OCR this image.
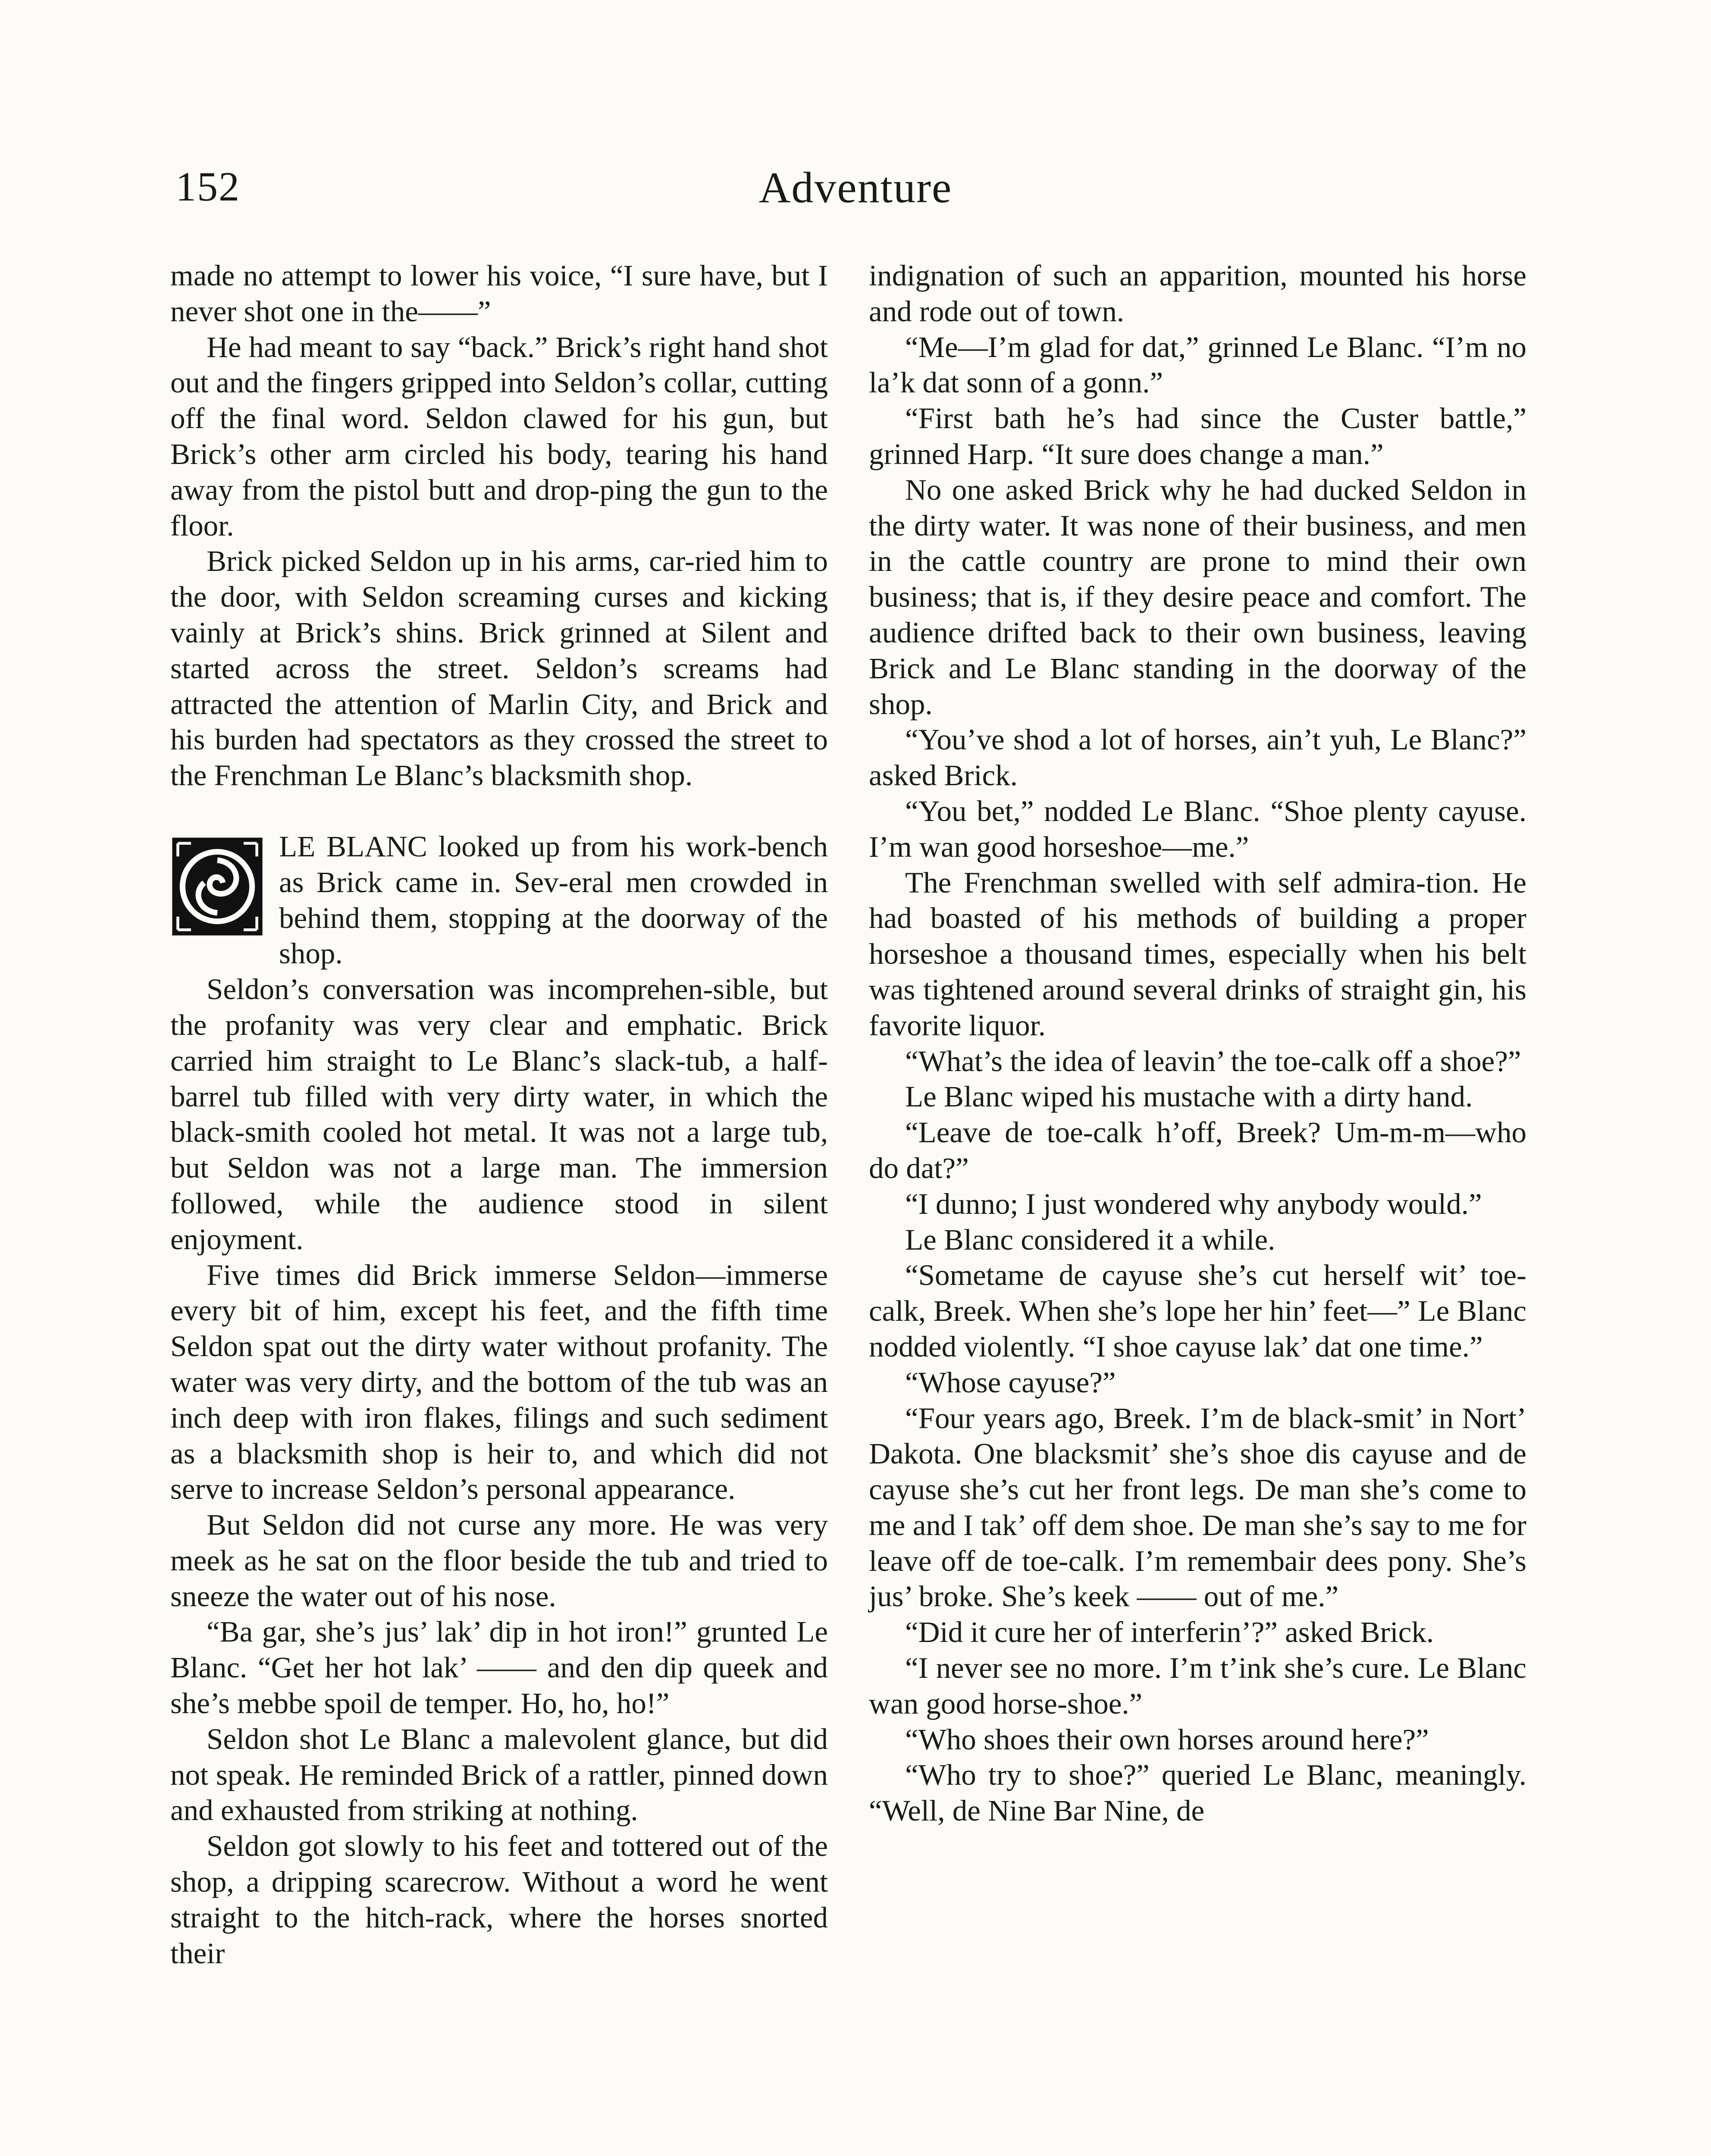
152	Adventure

made no attempt to lower his voice, “I sure have, but I never shot one in the——”

He had meant to say “back.” Brick’s right hand shot out and the fingers gripped into Seldon’s collar, cutting off the final word. Seldon clawed for his gun, but Brick’s other arm circled his body, tearing his hand away from the pistol butt and drop-ping the gun to the floor.

Brick picked Seldon up in his arms, car-ried him to the door, with Seldon screaming curses and kicking vainly at Brick’s shins. Brick grinned at Silent and started across the street. Seldon’s screams had attracted the attention of Marlin City, and Brick and his burden had spectators as they crossed the street to the Frenchman Le Blanc’s blacksmith shop.

LE BLANC looked up from his work-bench as Brick came in. Sev-eral men crowded in behind them, stopping at the doorway of the shop.

Seldon’s conversation was incomprehen-sible, but the profanity was very clear and emphatic. Brick carried him straight to Le Blanc’s slack-tub, a half-barrel tub filled with very dirty water, in which the black-smith cooled hot metal. It was not a large tub, but Seldon was not a large man. The immersion followed, while the audience stood in silent enjoyment.

Five times did Brick immerse Seldon—immerse every bit of him, except his feet, and the fifth time Seldon spat out the dirty water without profanity. The water was very dirty, and the bottom of the tub was an inch deep with iron flakes, filings and such sediment as a blacksmith shop is heir to, and which did not serve to increase Seldon’s personal appearance.

But Seldon did not curse any more. He was very meek as he sat on the floor beside the tub and tried to sneeze the water out of his nose.

“Ba gar, she’s jus’ lak’ dip in hot iron!” grunted Le Blanc. “Get her hot lak’ —— and den dip queek and she’s mebbe spoil de temper. Ho, ho, ho!”

Seldon shot Le Blanc a malevolent glance, but did not speak. He reminded Brick of a rattler, pinned down and exhausted from striking at nothing.

Seldon got slowly to his feet and tottered out of the shop, a dripping scarecrow. Without a word he went straight to the hitch-rack, where the horses snorted their

indignation of such an apparition, mounted his horse and rode out of town.

“Me—I’m glad for dat,” grinned Le Blanc. “I’m no la’k dat sonn of a gonn.”

“First bath he’s had since the Custer battle,” grinned Harp. “It sure does change a man.”

No one asked Brick why he had ducked Seldon in the dirty water. It was none of their business, and men in the cattle country are prone to mind their own business; that is, if they desire peace and comfort. The audience drifted back to their own business, leaving Brick and Le Blanc standing in the doorway of the shop.

“You’ve shod a lot of horses, ain’t yuh, Le Blanc?” asked Brick.

“You bet,” nodded Le Blanc. “Shoe plenty cayuse. I’m wan good horseshoe—me.”

The Frenchman swelled with self admira-tion. He had boasted of his methods of building a proper horseshoe a thousand times, especially when his belt was tightened around several drinks of straight gin, his favorite liquor.

“What’s the idea of leavin’ the toe-calk off a shoe?”

Le Blanc wiped his mustache with a dirty hand.

“Leave de toe-calk h’off, Breek? Um-m-m—who do dat?”

“I dunno; I just wondered why anybody would.”

Le Blanc considered it a while.

“Sometame de cayuse she’s cut herself wit’ toe-calk, Breek. When she’s lope her hin’ feet—” Le Blanc nodded violently. “I shoe cayuse lak’ dat one time.”

“Whose cayuse?”

“Four years ago, Breek. I’m de black-smit’ in Nort’ Dakota. One blacksmit’ she’s shoe dis cayuse and de cayuse she’s cut her front legs. De man she’s come to me and I tak’ off dem shoe. De man she’s say to me for leave off de toe-calk. I’m remembair dees pony. She’s jus’ broke. She’s keek —— out of me.”

“Did it cure her of interferin’?” asked Brick.

“I never see no more. I’m t’ink she’s cure. Le Blanc wan good horse-shoe.”

“Who shoes their own horses around here?”

“Who try to shoe?” queried Le Blanc, meaningly. “Well, de Nine Bar Nine, de
